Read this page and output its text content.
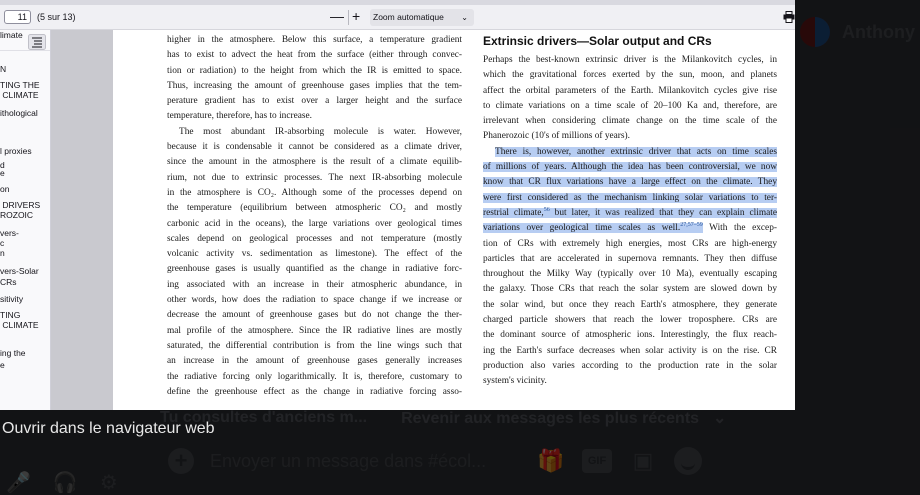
Ouvrir dans le navigateur web
11	(5 sur 13)	— +	Zoom automatique ⌄
limate
N
TING THE
CLIMATE
ithological
l proxies
d
e
on
DRIVERS
ROZOIC
vers-
c
n
vers-Solar
CRs
sitivity
TING
CLIMATE
ing the
e
higher in the atmosphere. Below this surface, a temperature gradient
has to exist to advect the heat from the surface (either through convec-
tion or radiation) to the height from which the IR is emitted to space.
Thus, increasing the amount of greenhouse gases implies that the tem-
perature gradient has to exist over a larger height and the surface
temperature, therefore, has to increase.
The most abundant IR-absorbing molecule is water. However,
because it is condensable it cannot be considered as a climate driver,
since the amount in the atmosphere is the result of a climate equilib-
rium, not due to extrinsic processes. The next IR-absorbing molecule
in the atmosphere is CO₂. Although some of the processes depend on
the temperature (equilibrium between atmospheric CO₂ and mostly
carbonic acid in the oceans), the large variations over geological times
scales depend on geological processes and not temperature (mostly
volcanic activity vs. sedimentation as limestone). The effect of the
greenhouse gases is usually quantified as the change in radiative forc-
ing associated with an increase in their atmospheric abundance, in
other words, how does the radiation to space change if we increase or
decrease the amount of greenhouse gases but do not change the ther-
mal profile of the atmosphere. Since the IR radiative lines are mostly
saturated, the differential contribution is from the line wings such that
an increase in the amount of greenhouse gases generally increases
the radiative forcing only logarithmically. It is, therefore, customary to
define the greenhouse effect as the change in radiative forcing asso-
Extrinsic drivers—Solar output and CRs
Perhaps the best-known extrinsic driver is the Milankovitch cycles, in
which the gravitational forces exerted by the sun, moon, and planets
affect the orbital parameters of the Earth. Milankovitch cycles give rise
to climate variations on a time scale of 20–100 Ka and, therefore, are
irrelevant when considering climate change on the time scale of the
Phanerozoic (10's of millions of years).
There is, however, another extrinsic driver that acts on time scales
of millions of years. Although the idea has been controversial, we now
know that CR flux variations have a large effect on the climate. They
were first considered as the mechanism linking solar variations to ter-
restrial climate,$^{56}$ but later, it was realized that they can explain climate
variations over geological time scales as well.$^{27,57-59}$ With the excep-
tion of CRs with extremely high energies, most CRs are high-energy
particles that are accelerated in supernova remnants. They then diffuse
throughout the Milky Way (typically over 10 Ma), eventually escaping
the galaxy. Those CRs that reach the solar system are slowed down by
the solar wind, but once they reach Earth's atmosphere, they generate
charged particle showers that reach the lower troposphere. CRs are
the dominant source of atmospheric ions. Interestingly, the flux reach-
ing the Earth's surface decreases when solar activity is on the rise. CR
production also varies according to the production rate in the solar
system's vicinity.
